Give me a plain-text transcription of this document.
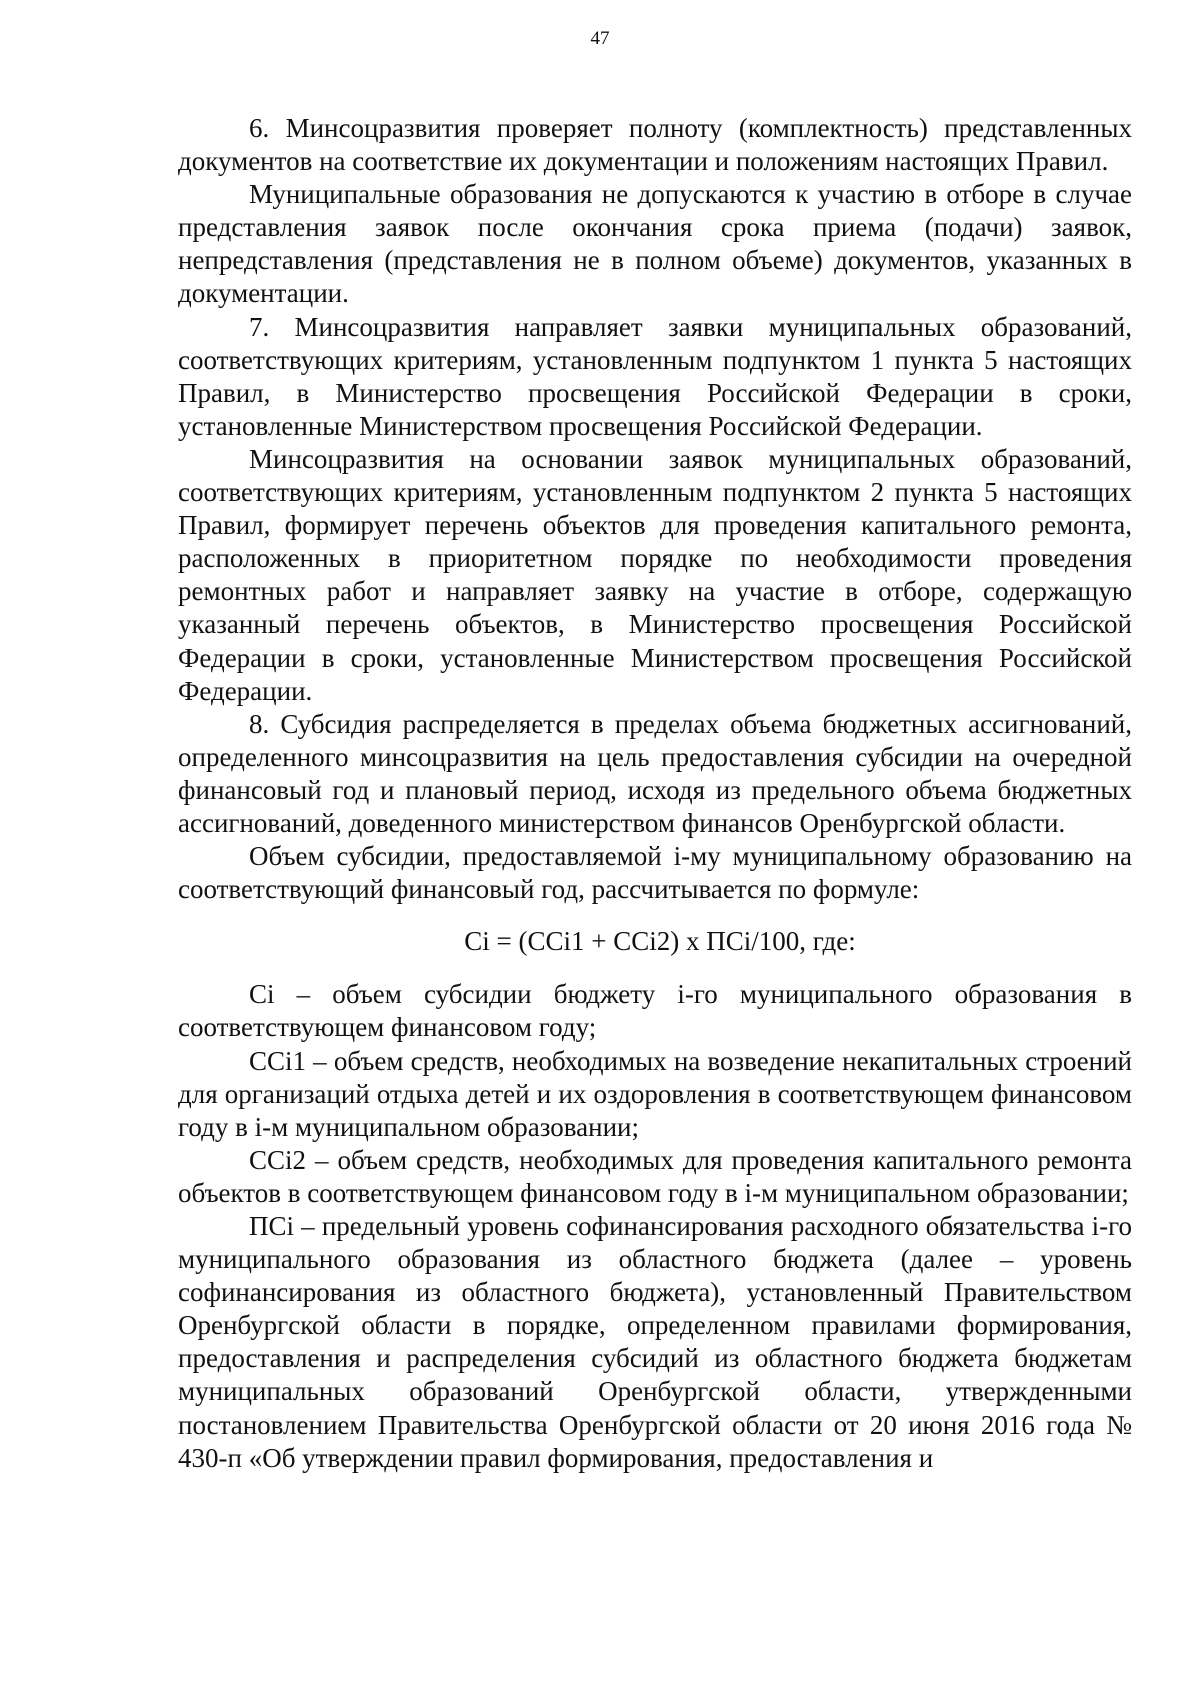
47

6. Минсоцразвития проверяет полноту (комплектность) представленных документов на соответствие их документации и положениям настоящих Правил.

Муниципальные образования не допускаются к участию в отборе в случае представления заявок после окончания срока приема (подачи) заявок, непредставления (представления не в полном объеме) документов, указанных в документации.

7. Минсоцразвития направляет заявки муниципальных образований, соответствующих критериям, установленным подпунктом 1 пункта 5 настоящих Правил, в Министерство просвещения Российской Федерации в сроки, установленные Министерством просвещения Российской Федерации.

Минсоцразвития на основании заявок муниципальных образований, соответствующих критериям, установленным подпунктом 2 пункта 5 настоящих Правил, формирует перечень объектов для проведения капитального ремонта, расположенных в приоритетном порядке по необходимости проведения ремонтных работ и направляет заявку на участие в отборе, содержащую указанный перечень объектов, в Министерство просвещения Российской Федерации в сроки, установленные Министерством просвещения Российской Федерации.

8. Субсидия распределяется в пределах объема бюджетных ассигнований, определенного минсоцразвития на цель предоставления субсидии на очередной финансовый год и плановый период, исходя из предельного объема бюджетных ассигнований, доведенного министерством финансов Оренбургской области.

Объем субсидии, предоставляемой i-му муниципальному образованию на соответствующий финансовый год, рассчитывается по формуле:

Ci = (CCi1 + CCi2) х ПСi/100, где:

Ci – объем субсидии бюджету i-го муниципального образования в соответствующем финансовом году;

CCi1 – объем средств, необходимых на возведение некапитальных строений для организаций отдыха детей и их оздоровления в соответствующем финансовом году в i-м муниципальном образовании;

CCi2 – объем средств, необходимых для проведения капитального ремонта объектов в соответствующем финансовом году в i-м муниципальном образовании;

ПСi – предельный уровень софинансирования расходного обязательства i-го муниципального образования из областного бюджета (далее – уровень софинансирования из областного бюджета), установленный Правительством Оренбургской области в порядке, определенном правилами формирования, предоставления и распределения субсидий из областного бюджета бюджетам муниципальных образований Оренбургской области, утвержденными постановлением Правительства Оренбургской области от 20 июня 2016 года № 430-п «Об утверждении правил формирования, предоставления и
